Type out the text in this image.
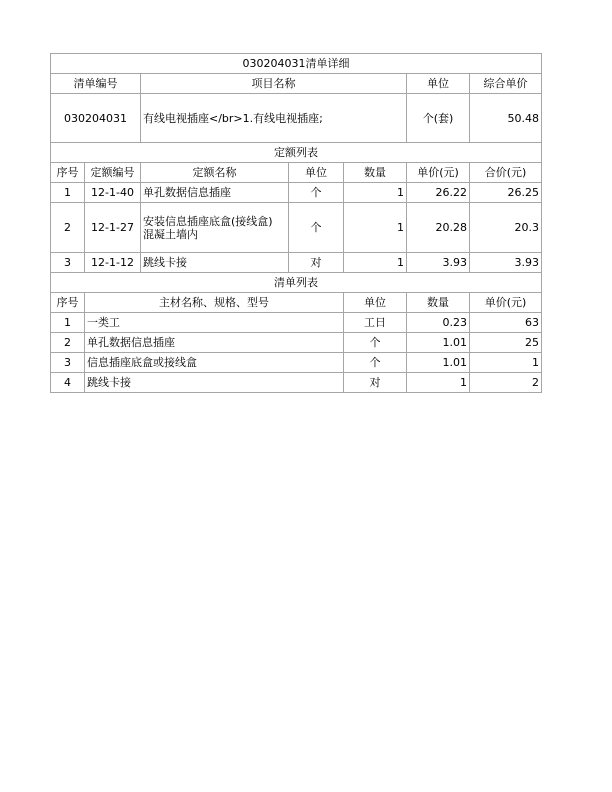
030204031清单详细							
清单编号		项目名称			单位	综合单价	
030204031		有线电视插座</br>1.有线电视插座;			个(套)	50.48	
定额列表							
序号	定额编号	定额名称	单位	数量	单价(元)	合价(元)	
1	12-1-40	单孔数据信息插座	个	1	26.22	26.25	
2	12-1-27	安装信息插座底盒(接线盒) 混凝土墙内	个	1	20.28	20.3	
3	12-1-12	跳线卡接	对	1	3.93	3.93	
清单列表							
序号	主材名称、规格、型号			单位	数量	单价(元)	
1	一类工			工日	0.23	63	
2	单孔数据信息插座			个	1.01	25	
3	信息插座底盒或接线盒			个	1.01	1	
4	跳线卡接			对	1	2	
